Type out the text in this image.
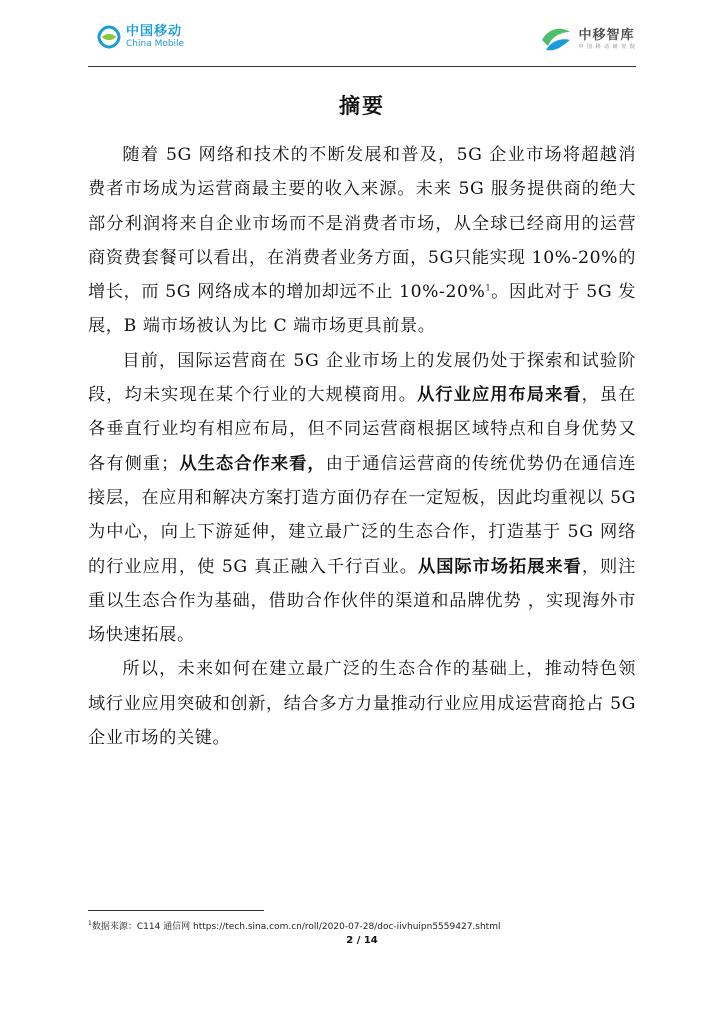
中国移动
China Mobile
中移智库
中 国 移 动 研 究 院
摘要

随着 5G 网络和技术的不断发展和普及，5G 企业市场将超越消费者市场成为运营商最主要的收入来源。未来 5G 服务提供商的绝大部分利润将来自企业市场而不是消费者市场，从全球已经商用的运营商资费套餐可以看出，在消费者业务方面，5G只能实现 10%-20%的增长，而 5G 网络成本的增加却远不止 10%-20%$^1$。因此对于 5G 发展，B 端市场被认为比 C 端市场更具前景。

目前，国际运营商在 5G 企业市场上的发展仍处于探索和试验阶段，均未实现在某个行业的大规模商用。从行业应用布局来看，虽在各垂直行业均有相应布局，但不同运营商根据区域特点和自身优势又各有侧重；从生态合作来看，由于通信运营商的传统优势仍在通信连接层，在应用和解决方案打造方面仍存在一定短板，因此均重视以 5G 为中心，向上下游延伸，建立最广泛的生态合作，打造基于 5G 网络的行业应用，使 5G 真正融入千行百业。从国际市场拓展来看，则注重以生态合作为基础，借助合作伙伴的渠道和品牌优势 ，实现海外市场快速拓展。

所以，未来如何在建立最广泛的生态合作的基础上，推动特色领域行业应用突破和创新，结合多方力量推动行业应用成运营商抢占 5G 企业市场的关键。

$^1$数据来源：C114 通信网 https://tech.sina.com.cn/roll/2020-07-28/doc-iivhuipn5559427.shtml
2 / 14
